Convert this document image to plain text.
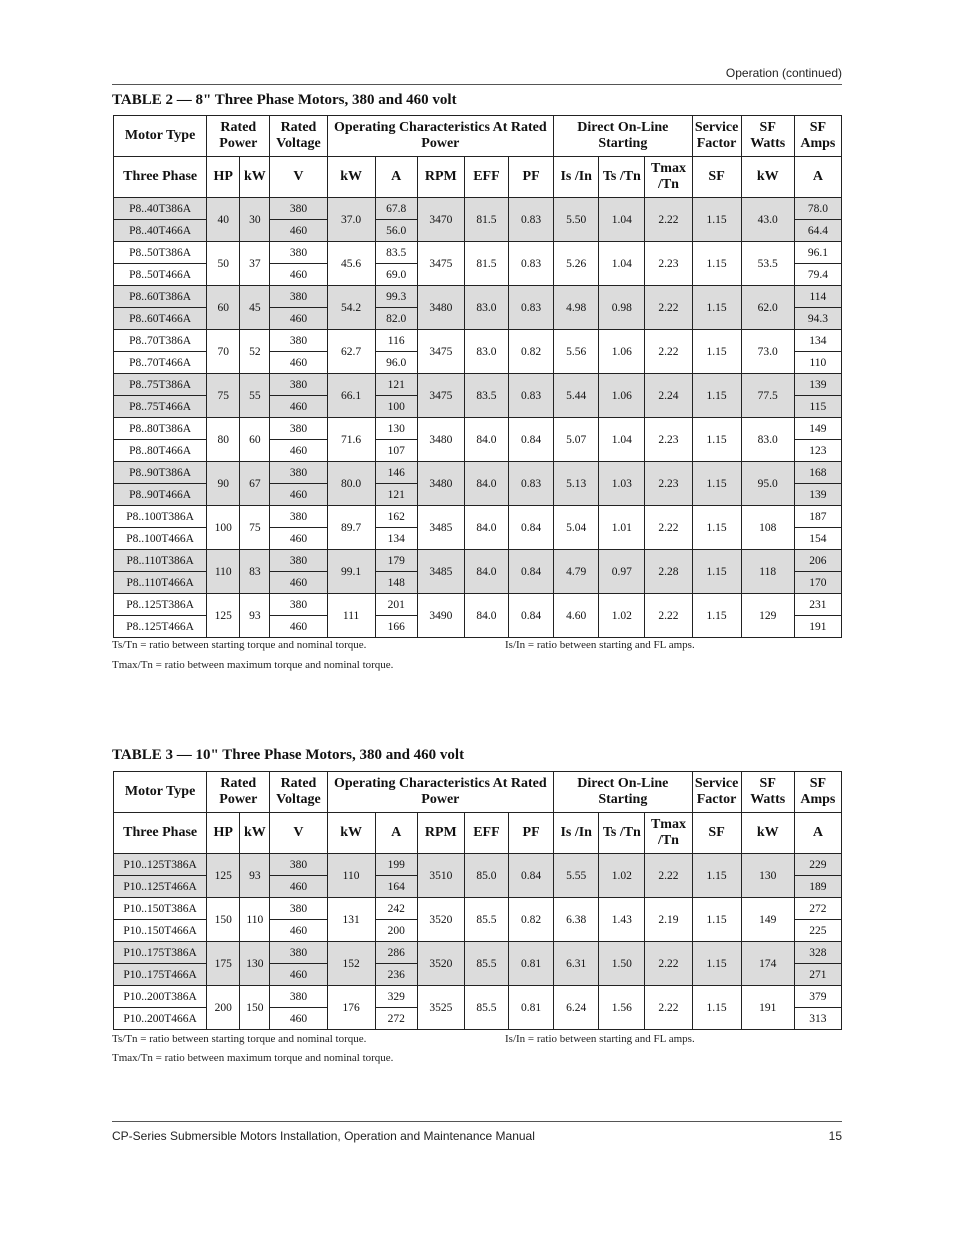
Operation (continued)
TABLE 2 — 8" Three Phase Motors, 380 and 460 volt
Motor Type	Rated Power		Rated Voltage	Operating Characteristics At Rated Power					Direct On-Line Starting			Service Factor	SF Watts	SF Amps
Three Phase	HP	kW	V	kW	A	RPM	EFF	PF	Is /In	Ts /Tn	Tmax /Tn	SF	kW	A
P8..40T386A	40	30	380	37.0	67.8	3470	81.5	0.83	5.50	1.04	2.22	1.15	43.0	78.0
P8..40T466A			460		56.0									64.4
P8..50T386A	50	37	380	45.6	83.5	3475	81.5	0.83	5.26	1.04	2.23	1.15	53.5	96.1
P8..50T466A			460		69.0									79.4
P8..60T386A	60	45	380	54.2	99.3	3480	83.0	0.83	4.98	0.98	2.22	1.15	62.0	114
P8..60T466A			460		82.0									94.3
P8..70T386A	70	52	380	62.7	116	3475	83.0	0.82	5.56	1.06	2.22	1.15	73.0	134
P8..70T466A			460		96.0									110
P8..75T386A	75	55	380	66.1	121	3475	83.5	0.83	5.44	1.06	2.24	1.15	77.5	139
P8..75T466A			460		100									115
P8..80T386A	80	60	380	71.6	130	3480	84.0	0.84	5.07	1.04	2.23	1.15	83.0	149
P8..80T466A			460		107									123
P8..90T386A	90	67	380	80.0	146	3480	84.0	0.83	5.13	1.03	2.23	1.15	95.0	168
P8..90T466A			460		121									139
P8..100T386A	100	75	380	89.7	162	3485	84.0	0.84	5.04	1.01	2.22	1.15	108	187
P8..100T466A			460		134									154
P8..110T386A	110	83	380	99.1	179	3485	84.0	0.84	4.79	0.97	2.28	1.15	118	206
P8..110T466A			460		148									170
P8..125T386A	125	93	380	111	201	3490	84.0	0.84	4.60	1.02	2.22	1.15	129	231
P8..125T466A			460		166									191
Ts/Tn = ratio between starting torque and nominal torque.	Is/In = ratio between starting and FL amps.
Tmax/Tn = ratio between maximum torque and nominal torque.
TABLE 3 — 10" Three Phase Motors, 380 and 460 volt
Motor Type	Rated Power		Rated Voltage	Operating Characteristics At Rated Power					Direct On-Line Starting			Service Factor	SF Watts	SF Amps
Three Phase	HP	kW	V	kW	A	RPM	EFF	PF	Is /In	Ts /Tn	Tmax /Tn	SF	kW	A
P10..125T386A	125	93	380	110	199	3510	85.0	0.84	5.55	1.02	2.22	1.15	130	229
P10..125T466A			460		164									189
P10..150T386A	150	110	380	131	242	3520	85.5	0.82	6.38	1.43	2.19	1.15	149	272
P10..150T466A			460		200									225
P10..175T386A	175	130	380	152	286	3520	85.5	0.81	6.31	1.50	2.22	1.15	174	328
P10..175T466A			460		236									271
P10..200T386A	200	150	380	176	329	3525	85.5	0.81	6.24	1.56	2.22	1.15	191	379
P10..200T466A			460		272									313
Ts/Tn = ratio between starting torque and nominal torque.	Is/In = ratio between starting and FL amps.
Tmax/Tn = ratio between maximum torque and nominal torque.
CP-Series Submersible Motors Installation, Operation and Maintenance Manual	15
